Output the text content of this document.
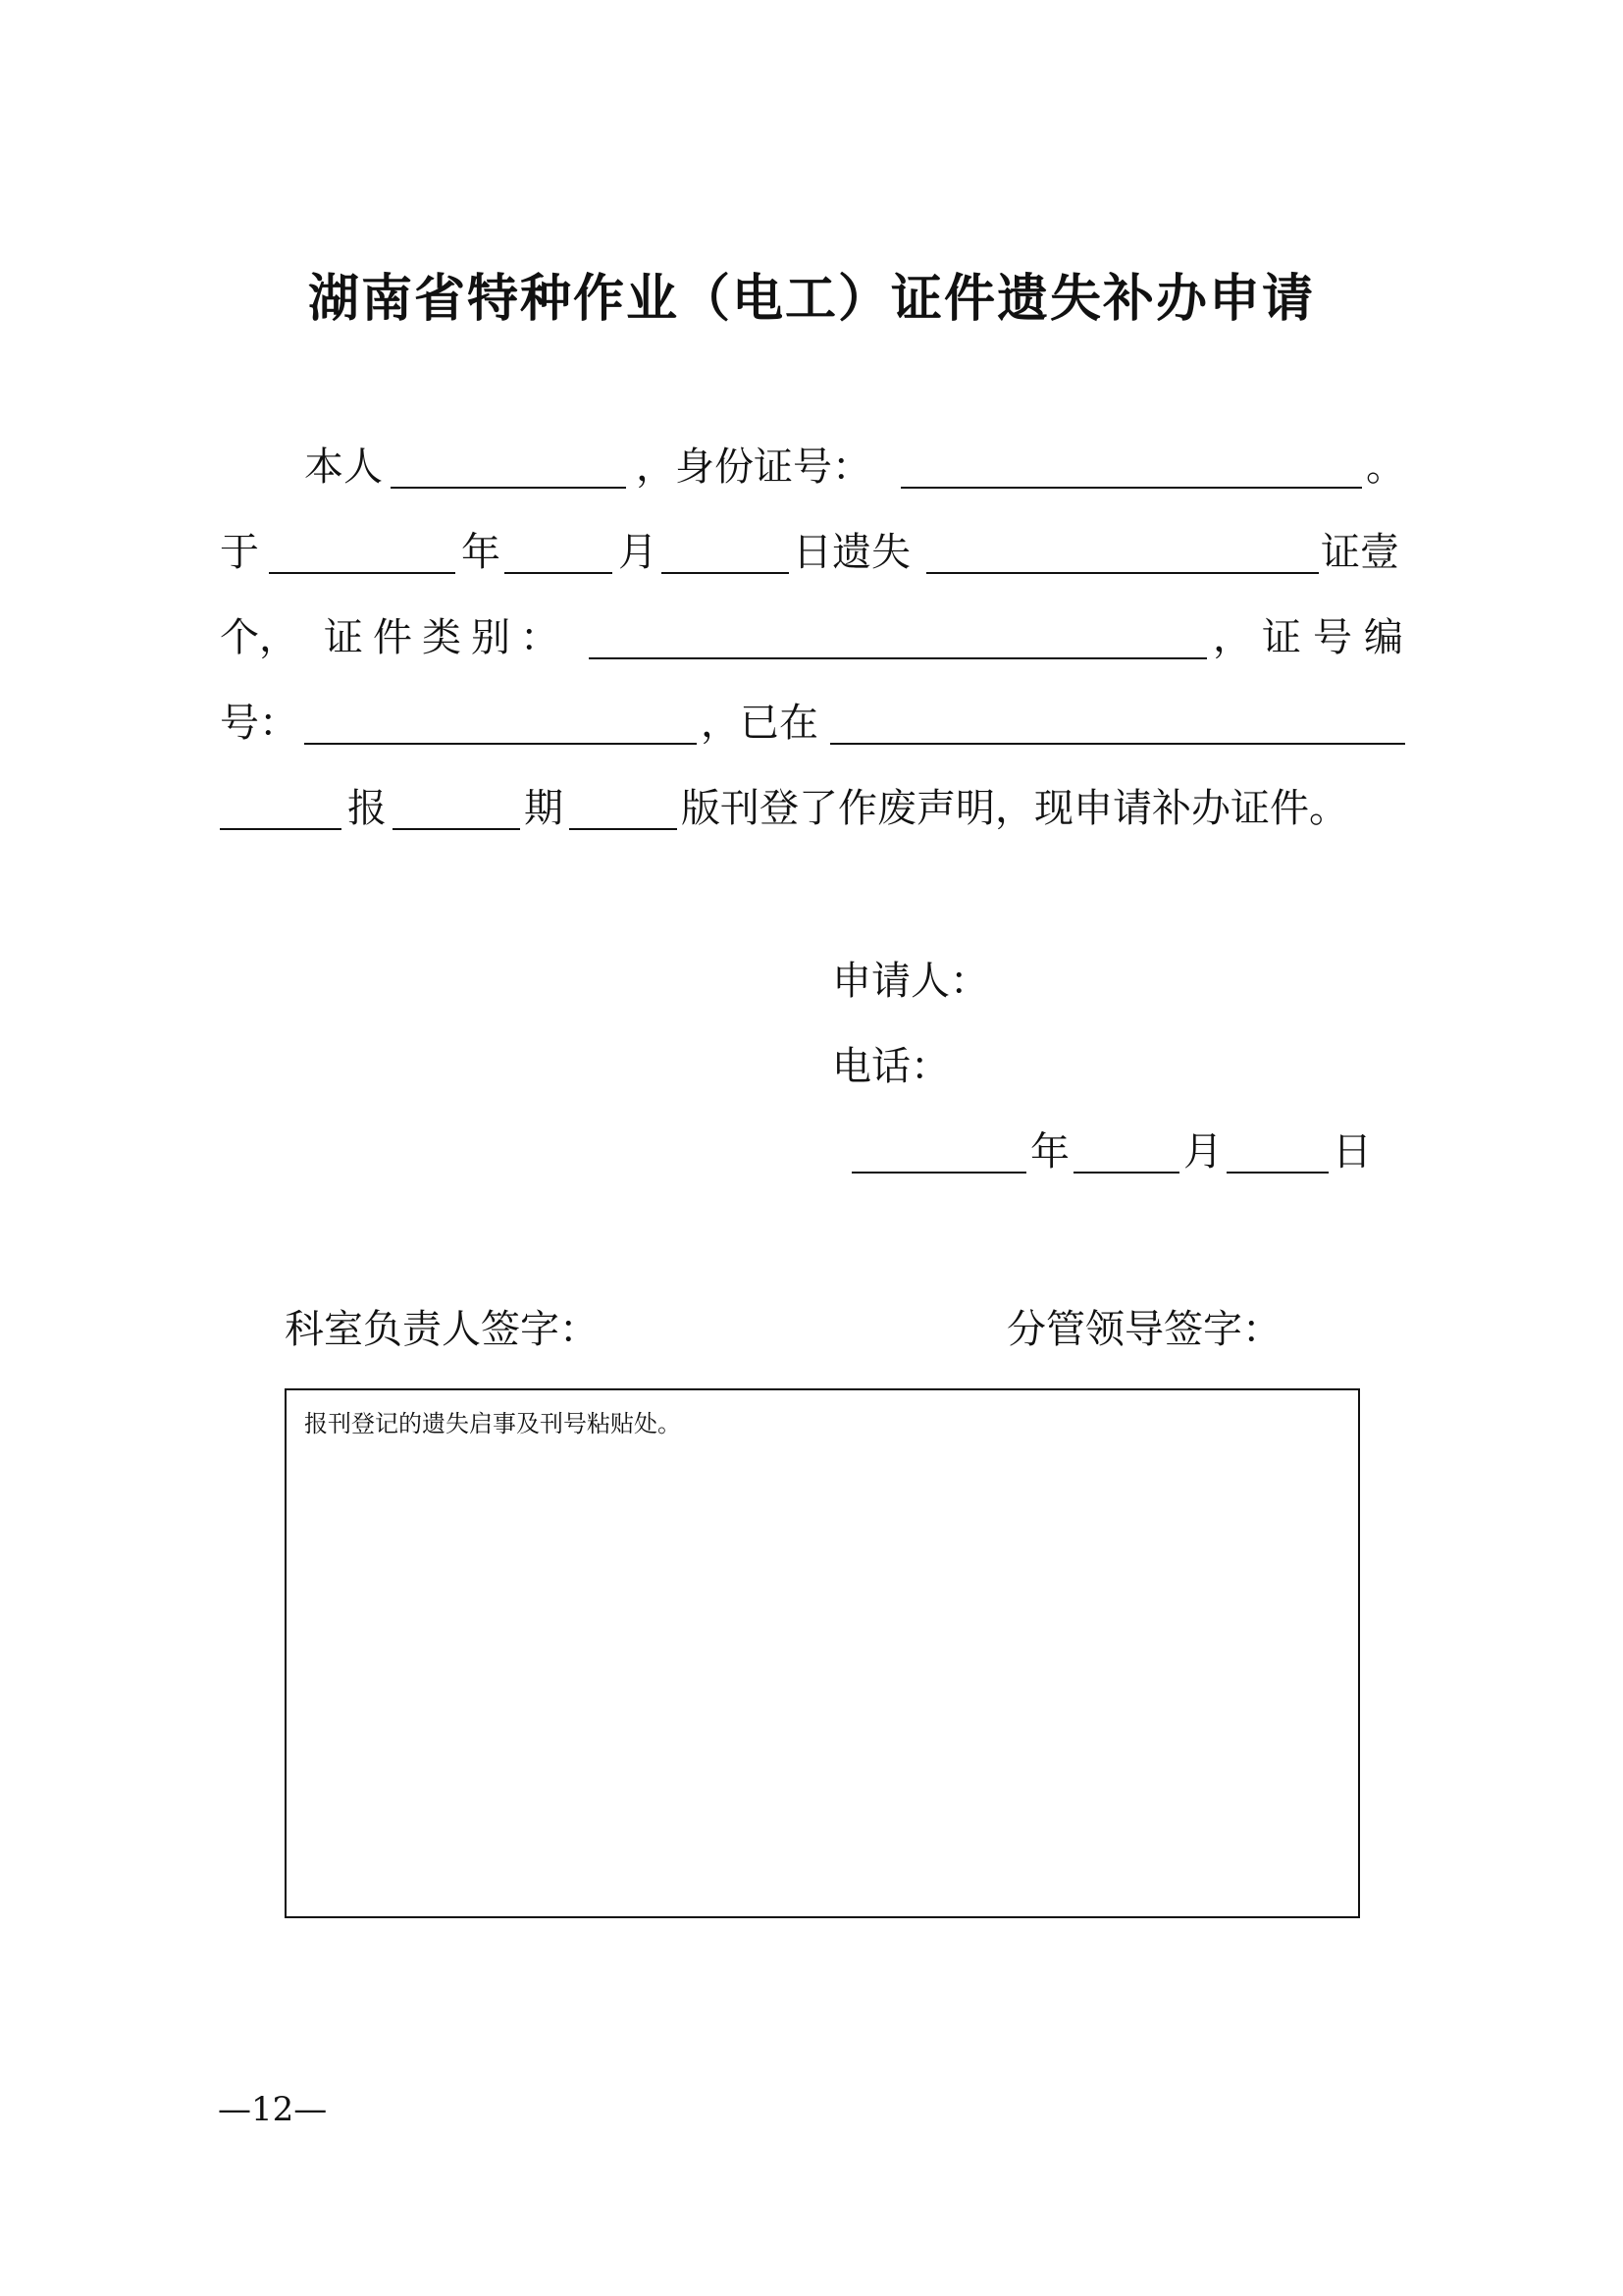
湖南省特种作业（电工）证件遗失补办申请
本人	，身份证号：	。
于	年	月	日遗失	证壹
个， 证件类别：	， 证号编
号：	，已在
报	期	版刊登了作废声明，现申请补办证件。
申请人：
电话：
年	月	日
科室负责人签字：	分管领导签字：
报刊登记的遗失启事及刊号粘贴处。
—12—
